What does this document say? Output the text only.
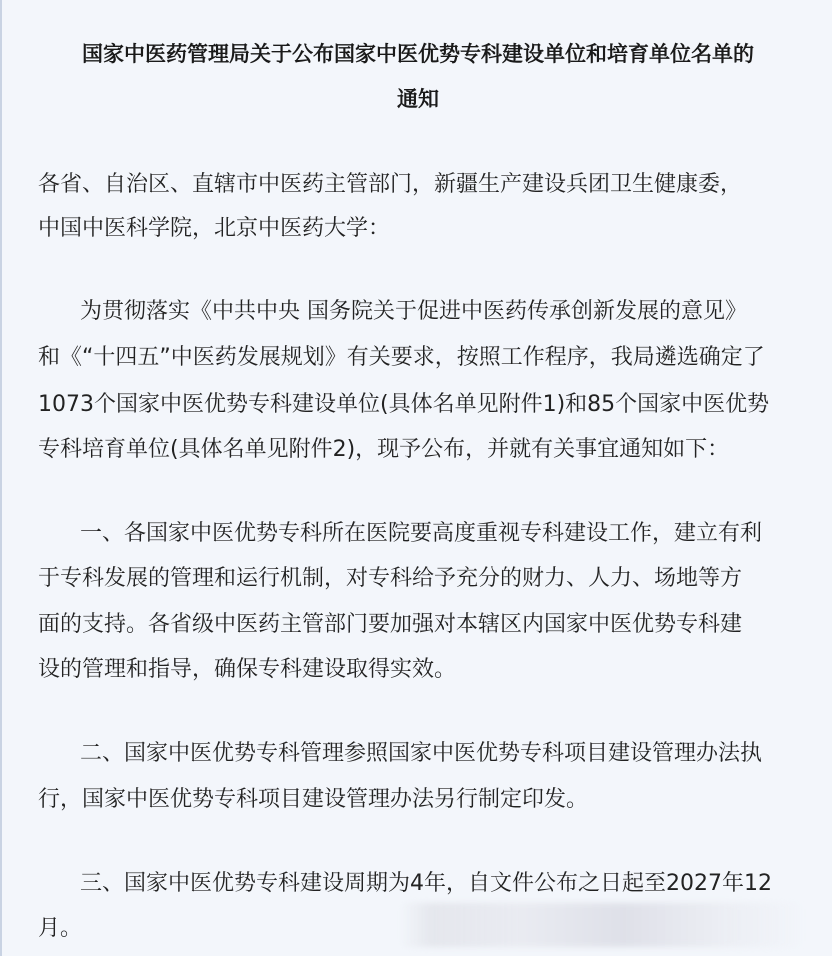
国家中医药管理局关于公布国家中医优势专科建设单位和培育单位名单的
通知
各省、自治区、直辖市中医药主管部门，新疆生产建设兵团卫生健康委，
中国中医科学院，北京中医药大学：
为贯彻落实《中共中央 国务院关于促进中医药传承创新发展的意见》
和《“十四五”中医药发展规划》有关要求，按照工作程序，我局遴选确定了
1073个国家中医优势专科建设单位(具体名单见附件1)和85个国家中医优势
专科培育单位(具体名单见附件2)，现予公布，并就有关事宜通知如下：
一、各国家中医优势专科所在医院要高度重视专科建设工作，建立有利
于专科发展的管理和运行机制，对专科给予充分的财力、人力、场地等方
面的支持。各省级中医药主管部门要加强对本辖区内国家中医优势专科建
设的管理和指导，确保专科建设取得实效。
二、国家中医优势专科管理参照国家中医优势专科项目建设管理办法执
行，国家中医优势专科项目建设管理办法另行制定印发。
三、国家中医优势专科建设周期为4年，自文件公布之日起至2027年12
月。
